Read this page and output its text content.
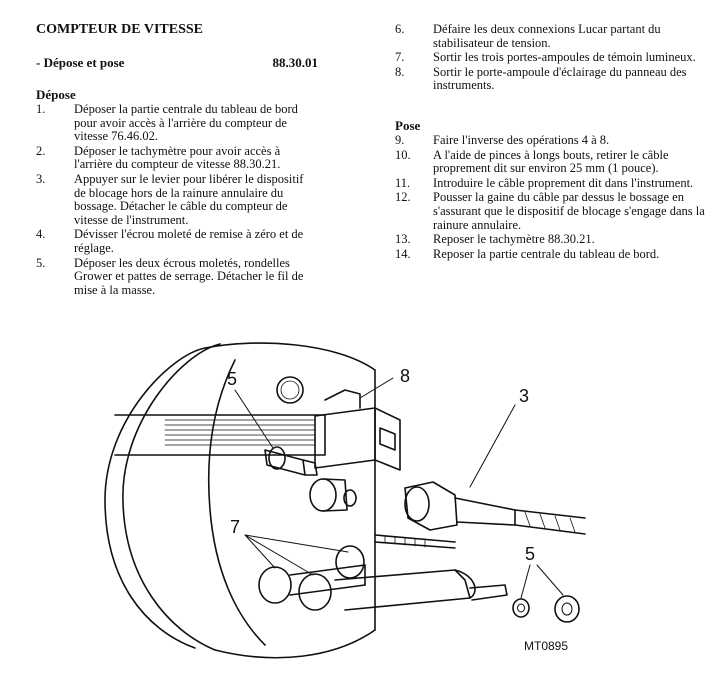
COMPTEUR DE VITESSE
- Dépose et pose	88.30.01
Dépose
1. Déposer la partie centrale du tableau de bord pour avoir accès à l'arrière du compteur de vitesse 76.46.02.
2. Déposer le tachymètre pour avoir accès à l'arrière du compteur de vitesse 88.30.21.
3. Appuyer sur le levier pour libérer le dispositif de blocage hors de la rainure annulaire du bossage. Détacher le câble du compteur de vitesse de l'instrument.
4. Dévisser l'écrou moleté de remise à zéro et de réglage.
5. Déposer les deux écrous moletés, rondelles Grower et pattes de serrage. Détacher le fil de mise à la masse.
6. Défaire les deux connexions Lucar partant du stabilisateur de tension.
7. Sortir les trois portes-ampoules de témoin lumineux.
8. Sortir le porte-ampoule d'éclairage du panneau des instruments.
Pose
9. Faire l'inverse des opérations 4 à 8.
10. A l'aide de pinces à longs bouts, retirer le câble proprement dit sur environ 25 mm (1 pouce).
11. Introduire le câble proprement dit dans l'instrument.
12. Pousser la gaine du câble par dessus le bossage en s'assurant que le dispositif de blocage s'engage dans la rainure annulaire.
13. Reposer le tachymètre 88.30.21.
14. Reposer la partie centrale du tableau de bord.
5	8
3
7
5
MT0895
